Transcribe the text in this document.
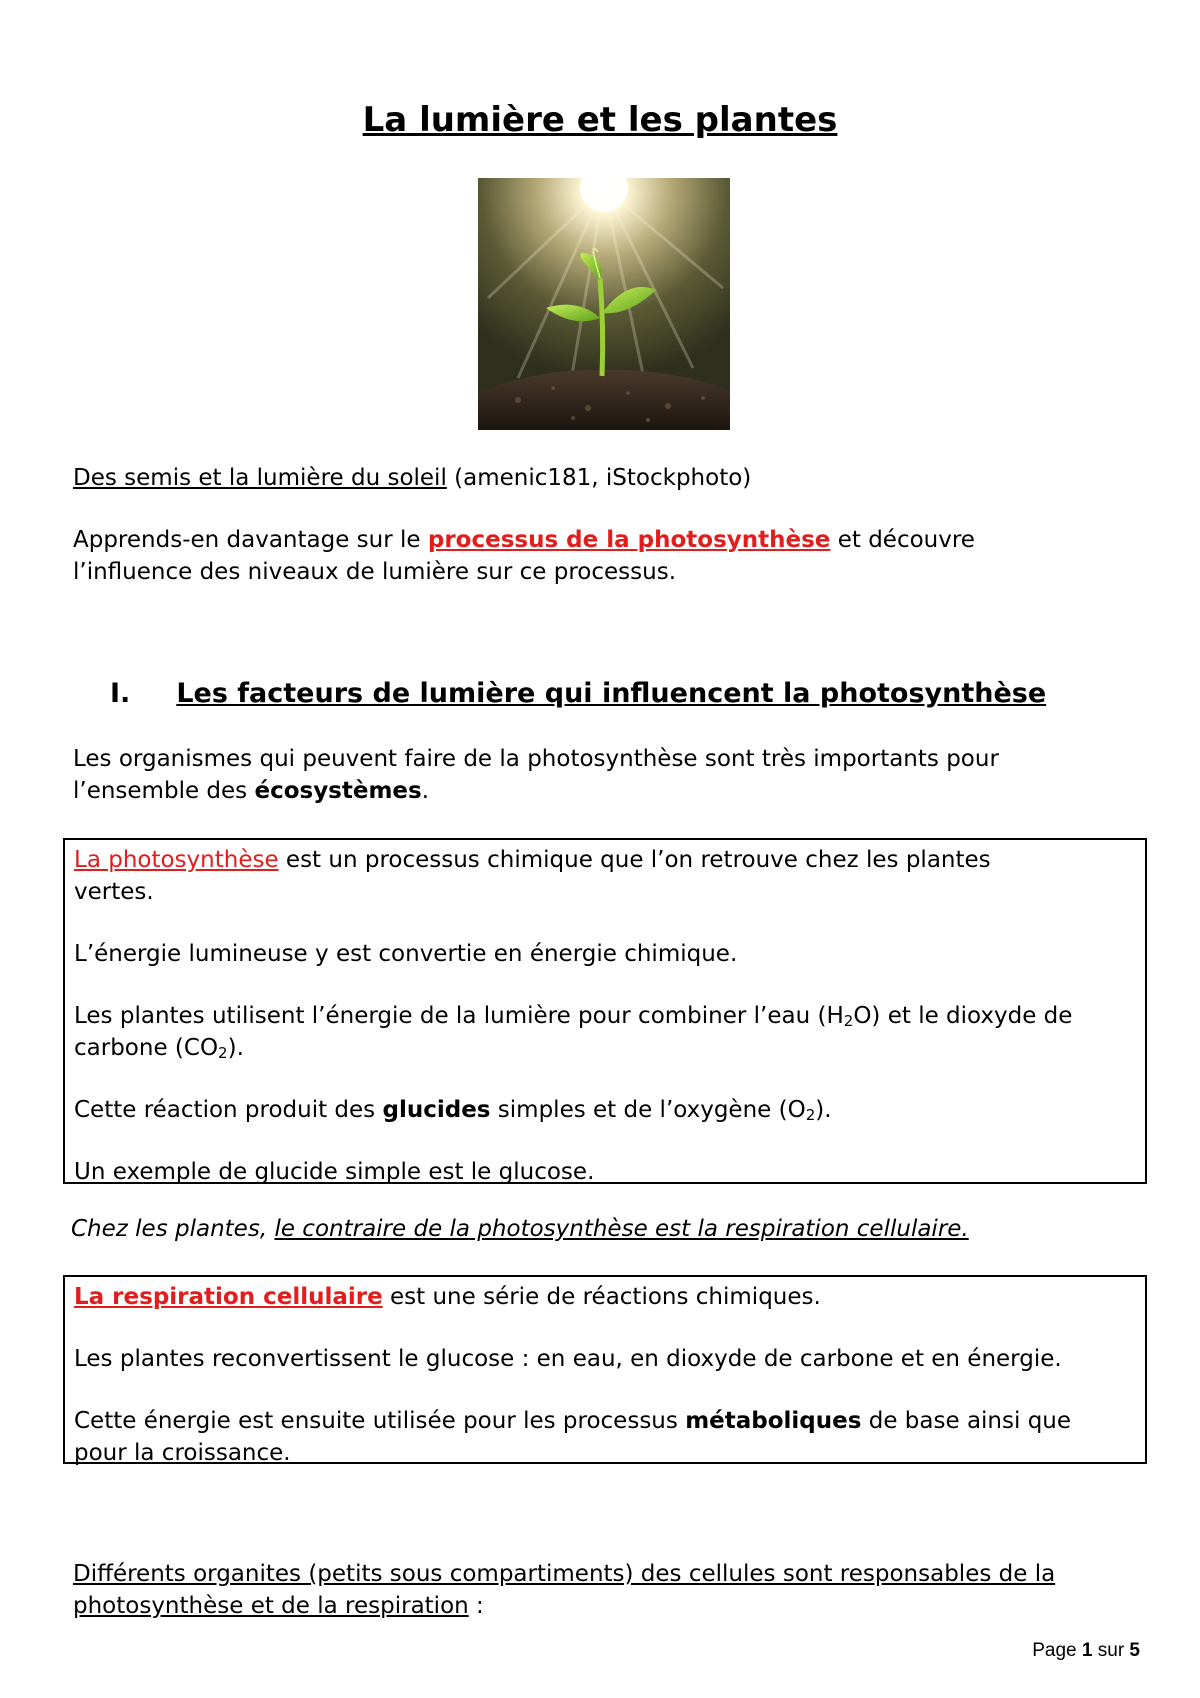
La lumière et les plantes

Des semis et la lumière du soleil (amenic181, iStockphoto)

Apprends-en davantage sur le processus de la photosynthèse et découvre

l’influence des niveaux de lumière sur ce processus.

I. Les facteurs de lumière qui influencent la photosynthèse

Les organismes qui peuvent faire de la photosynthèse sont très importants pour

l’ensemble des écosystèmes.

La photosynthèse est un processus chimique que l’on retrouve chez les plantes

vertes.

L’énergie lumineuse y est convertie en énergie chimique.

Les plantes utilisent l’énergie de la lumière pour combiner l’eau $(H_2O)$ et le dioxyde de

carbone $(CO_2)$.

Cette réaction produit des glucides simples et de l’oxygène $(O_2)$.

Un exemple de glucide simple est le glucose.

Chez les plantes, le contraire de la photosynthèse est la respiration cellulaire.

La respiration cellulaire est une série de réactions chimiques.

Les plantes reconvertissent le glucose : en eau, en dioxyde de carbone et en énergie.

Cette énergie est ensuite utilisée pour les processus métaboliques de base ainsi que

pour la croissance.

Différents organites (petits sous compartiments) des cellules sont responsables de la

photosynthèse et de la respiration :

Page 1 sur 5
